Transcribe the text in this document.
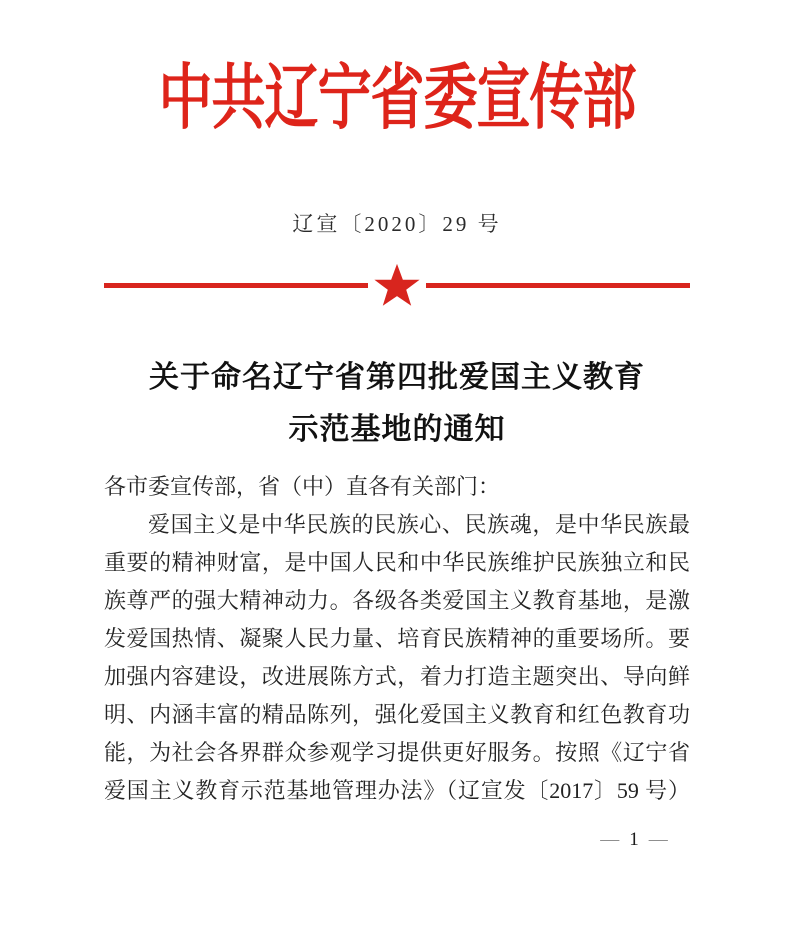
中共辽宁省委宣传部
辽宣〔2020〕29 号
关于命名辽宁省第四批爱国主义教育
示范基地的通知
各市委宣传部，省（中）直各有关部门：
爱国主义是中华民族的民族心、民族魂，是中华民族最
重要的精神财富，是中国人民和中华民族维护民族独立和民
族尊严的强大精神动力。各级各类爱国主义教育基地，是激
发爱国热情、凝聚人民力量、培育民族精神的重要场所。要
加强内容建设，改进展陈方式，着力打造主题突出、导向鲜
明、内涵丰富的精品陈列，强化爱国主义教育和红色教育功
能，为社会各界群众参观学习提供更好服务。按照《辽宁省
爱国主义教育示范基地管理办法》（辽宣发〔2017〕59 号）
— 1 —
